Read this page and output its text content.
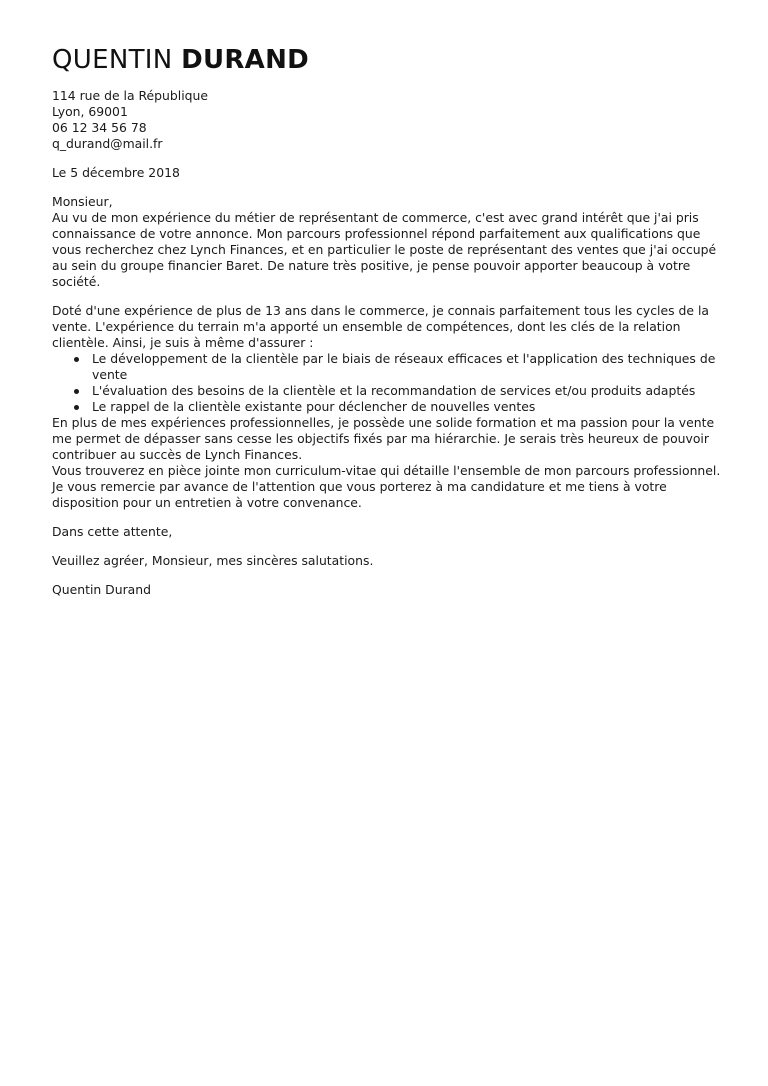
QUENTIN DURAND
114 rue de la République
Lyon, 69001
06 12 34 56 78
q_durand@mail.fr
Le 5 décembre 2018
Monsieur,

Au vu de mon expérience du métier de représentant de commerce, c'est avec grand intérêt que j'ai pris connaissance de votre annonce. Mon parcours professionnel répond parfaitement aux qualifications que vous recherchez chez Lynch Finances, et en particulier le poste de représentant des ventes que j'ai occupé au sein du groupe financier Baret. De nature très positive, je pense pouvoir apporter beaucoup à votre société.

Doté d'une expérience de plus de 13 ans dans le commerce, je connais parfaitement tous les cycles de la vente. L'expérience du terrain m'a apporté un ensemble de compétences, dont les clés de la relation clientèle. Ainsi, je suis à même d'assurer :

Le développement de la clientèle par le biais de réseaux efficaces et l'application des techniques de vente
L'évaluation des besoins de la clientèle et la recommandation de services et/ou produits adaptés
Le rappel de la clientèle existante pour déclencher de nouvelles ventes

En plus de mes expériences professionnelles, je possède une solide formation et ma passion pour la vente me permet de dépasser sans cesse les objectifs fixés par ma hiérarchie. Je serais très heureux de pouvoir contribuer au succès de Lynch Finances.

Vous trouverez en pièce jointe mon curriculum-vitae qui détaille l'ensemble de mon parcours professionnel.

Je vous remercie par avance de l'attention que vous porterez à ma candidature et me tiens à votre disposition pour un entretien à votre convenance.

Dans cette attente,
Veuillez agréer, Monsieur, mes sincères salutations.
Quentin Durand
